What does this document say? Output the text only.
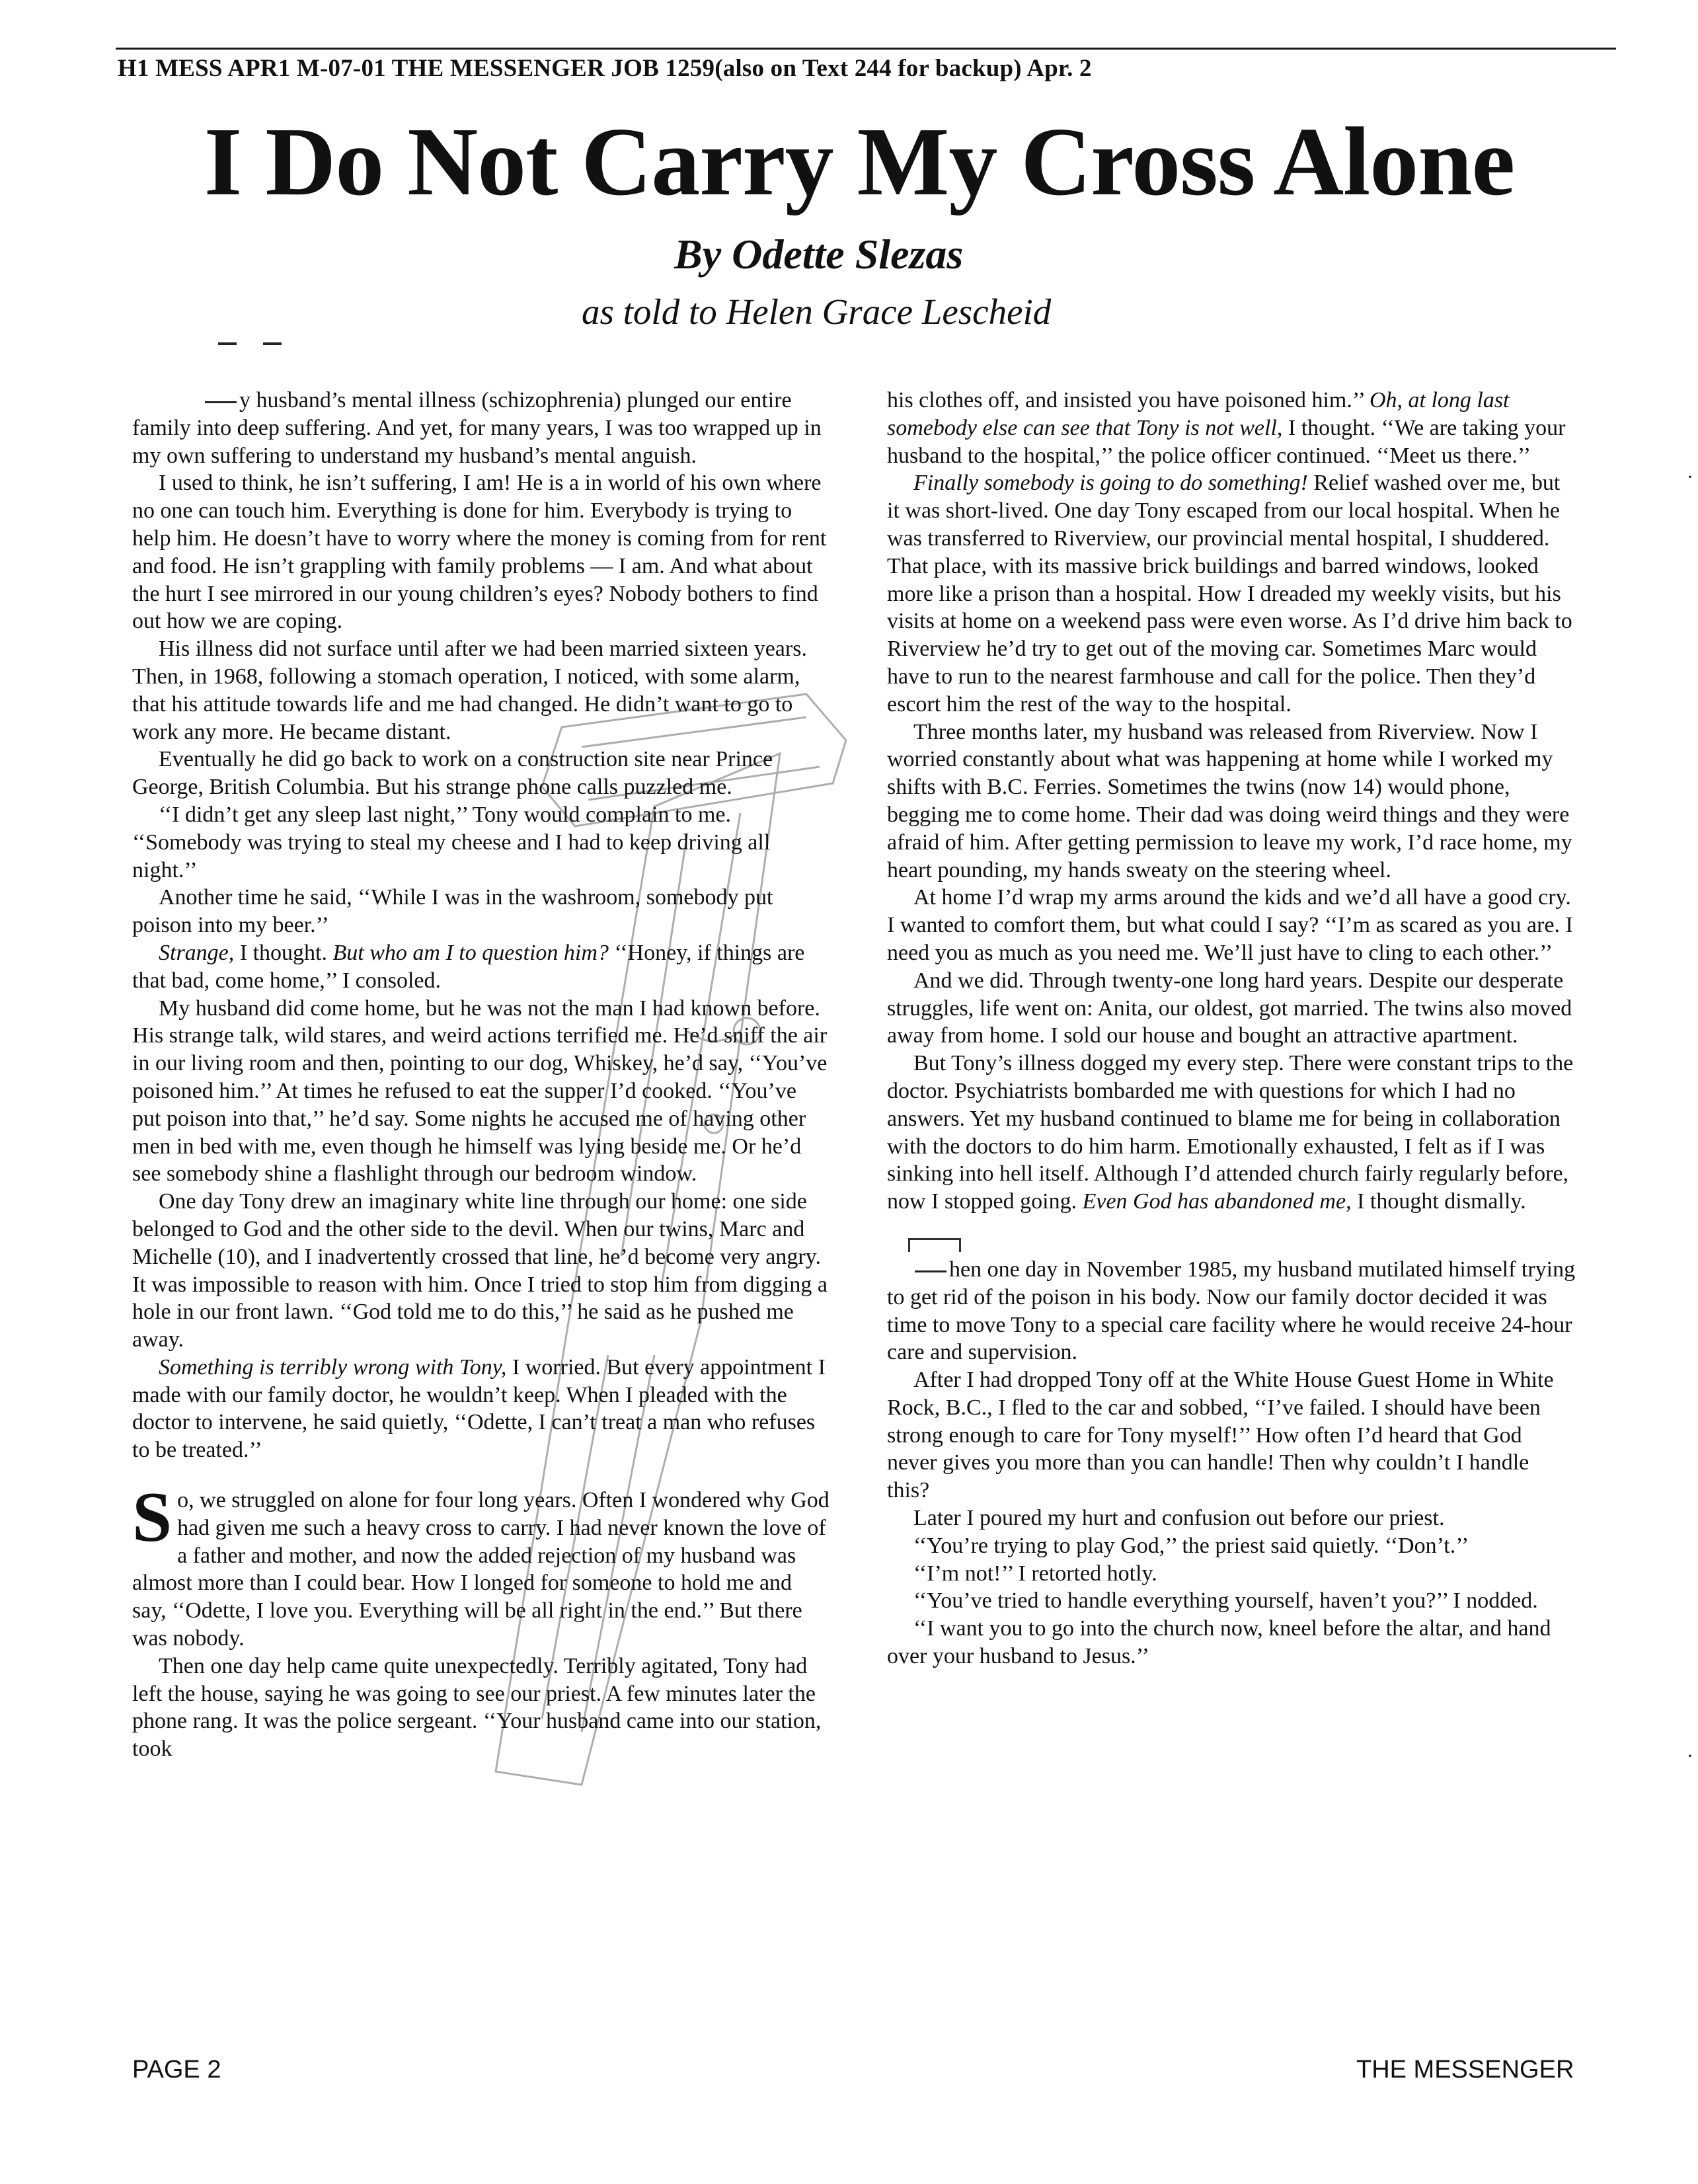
H1 MESS APR1 M-07-01 THE MESSENGER JOB 1259(also on Text 244 for backup) Apr. 2
I Do Not Carry My Cross Alone
By Odette Slezas
as told to Helen Grace Lescheid

y husband’s mental illness (schizophrenia) plunged our entire family into deep suffering. And yet, for many years, I was too wrapped up in my own suffering to understand my husband’s mental anguish.

I used to think, he isn’t suffering, I am! He is a in world of his own where no one can touch him. Everything is done for him. Everybody is trying to help him. He doesn’t have to worry where the money is coming from for rent and food. He isn’t grappling with family problems — I am. And what about the hurt I see mirrored in our young children’s eyes? Nobody bothers to find out how we are coping.

His illness did not surface until after we had been married sixteen years. Then, in 1968, following a stomach operation, I noticed, with some alarm, that his attitude towards life and me had changed. He didn’t want to go to work any more. He became distant.

Eventually he did go back to work on a construction site near Prince George, British Columbia. But his strange phone calls puzzled me.

‘‘I didn’t get any sleep last night,’’ Tony would complain to me. ‘‘Somebody was trying to steal my cheese and I had to keep driving all night.’’

Another time he said, ‘‘While I was in the washroom, somebody put poison into my beer.’’

Strange, I thought. But who am I to question him? ‘‘Honey, if things are that bad, come home,’’ I consoled.

My husband did come home, but he was not the man I had known before. His strange talk, wild stares, and weird actions terrified me. He’d sniff the air in our living room and then, pointing to our dog, Whiskey, he’d say, ‘‘You’ve poisoned him.’’ At times he refused to eat the supper I’d cooked. ‘‘You’ve put poison into that,’’ he’d say. Some nights he accused me of having other men in bed with me, even though he himself was lying beside me. Or he’d see somebody shine a flashlight through our bedroom window.

One day Tony drew an imaginary white line through our home: one side belonged to God and the other side to the devil. When our twins, Marc and Michelle (10), and I inadvertently crossed that line, he’d become very angry. It was impossible to reason with him. Once I tried to stop him from digging a hole in our front lawn. ‘‘God told me to do this,’’ he said as he pushed me away.

Something is terribly wrong with Tony, I worried. But every appointment I made with our family doctor, he wouldn’t keep. When I pleaded with the doctor to intervene, he said quietly, ‘‘Odette, I can’t treat a man who refuses to be treated.’’

So, we struggled on alone for four long years. Often I wondered why God had given me such a heavy cross to carry. I had never known the love of a father and mother, and now the added rejection of my husband was almost more than I could bear. How I longed for someone to hold me and say, ‘‘Odette, I love you. Everything will be all right in the end.’’ But there was nobody.

Then one day help came quite unexpectedly. Terribly agitated, Tony had left the house, saying he was going to see our priest. A few minutes later the phone rang. It was the police sergeant. ‘‘Your husband came into our station, took

his clothes off, and insisted you have poisoned him.’’ Oh, at long last somebody else can see that Tony is not well, I thought. ‘‘We are taking your husband to the hospital,’’ the police officer continued. ‘‘Meet us there.’’

Finally somebody is going to do something! Relief washed over me, but it was short-lived. One day Tony escaped from our local hospital. When he was transferred to Riverview, our provincial mental hospital, I shuddered. That place, with its massive brick buildings and barred windows, looked more like a prison than a hospital. How I dreaded my weekly visits, but his visits at home on a weekend pass were even worse. As I’d drive him back to Riverview he’d try to get out of the moving car. Sometimes Marc would have to run to the nearest farmhouse and call for the police. Then they’d escort him the rest of the way to the hospital.

Three months later, my husband was released from Riverview. Now I worried constantly about what was happening at home while I worked my shifts with B.C. Ferries. Sometimes the twins (now 14) would phone, begging me to come home. Their dad was doing weird things and they were afraid of him. After getting permission to leave my work, I’d race home, my heart pounding, my hands sweaty on the steering wheel.

At home I’d wrap my arms around the kids and we’d all have a good cry. I wanted to comfort them, but what could I say? ‘‘I’m as scared as you are. I need you as much as you need me. We’ll just have to cling to each other.’’

And we did. Through twenty-one long hard years. Despite our desperate struggles, life went on: Anita, our oldest, got married. The twins also moved away from home. I sold our house and bought an attractive apartment.

But Tony’s illness dogged my every step. There were constant trips to the doctor. Psychiatrists bombarded me with questions for which I had no answers. Yet my husband continued to blame me for being in collaboration with the doctors to do him harm. Emotionally exhausted, I felt as if I was sinking into hell itself. Although I’d attended church fairly regularly before, now I stopped going. Even God has abandoned me, I thought dismally.

hen one day in November 1985, my husband mutilated himself trying to get rid of the poison in his body. Now our family doctor decided it was time to move Tony to a special care facility where he would receive 24-hour care and supervision.

After I had dropped Tony off at the White House Guest Home in White Rock, B.C., I fled to the car and sobbed, ‘‘I’ve failed. I should have been strong enough to care for Tony myself!’’ How often I’d heard that God never gives you more than you can handle! Then why couldn’t I handle this?

Later I poured my hurt and confusion out before our priest.

‘‘You’re trying to play God,’’ the priest said quietly. ‘‘Don’t.’’

‘‘I’m not!’’ I retorted hotly.

‘‘You’ve tried to handle everything yourself, haven’t you?’’ I nodded.

‘‘I want you to go into the church now, kneel before the altar, and hand over your husband to Jesus.’’

·
·
PAGE 2	THE MESSENGER
